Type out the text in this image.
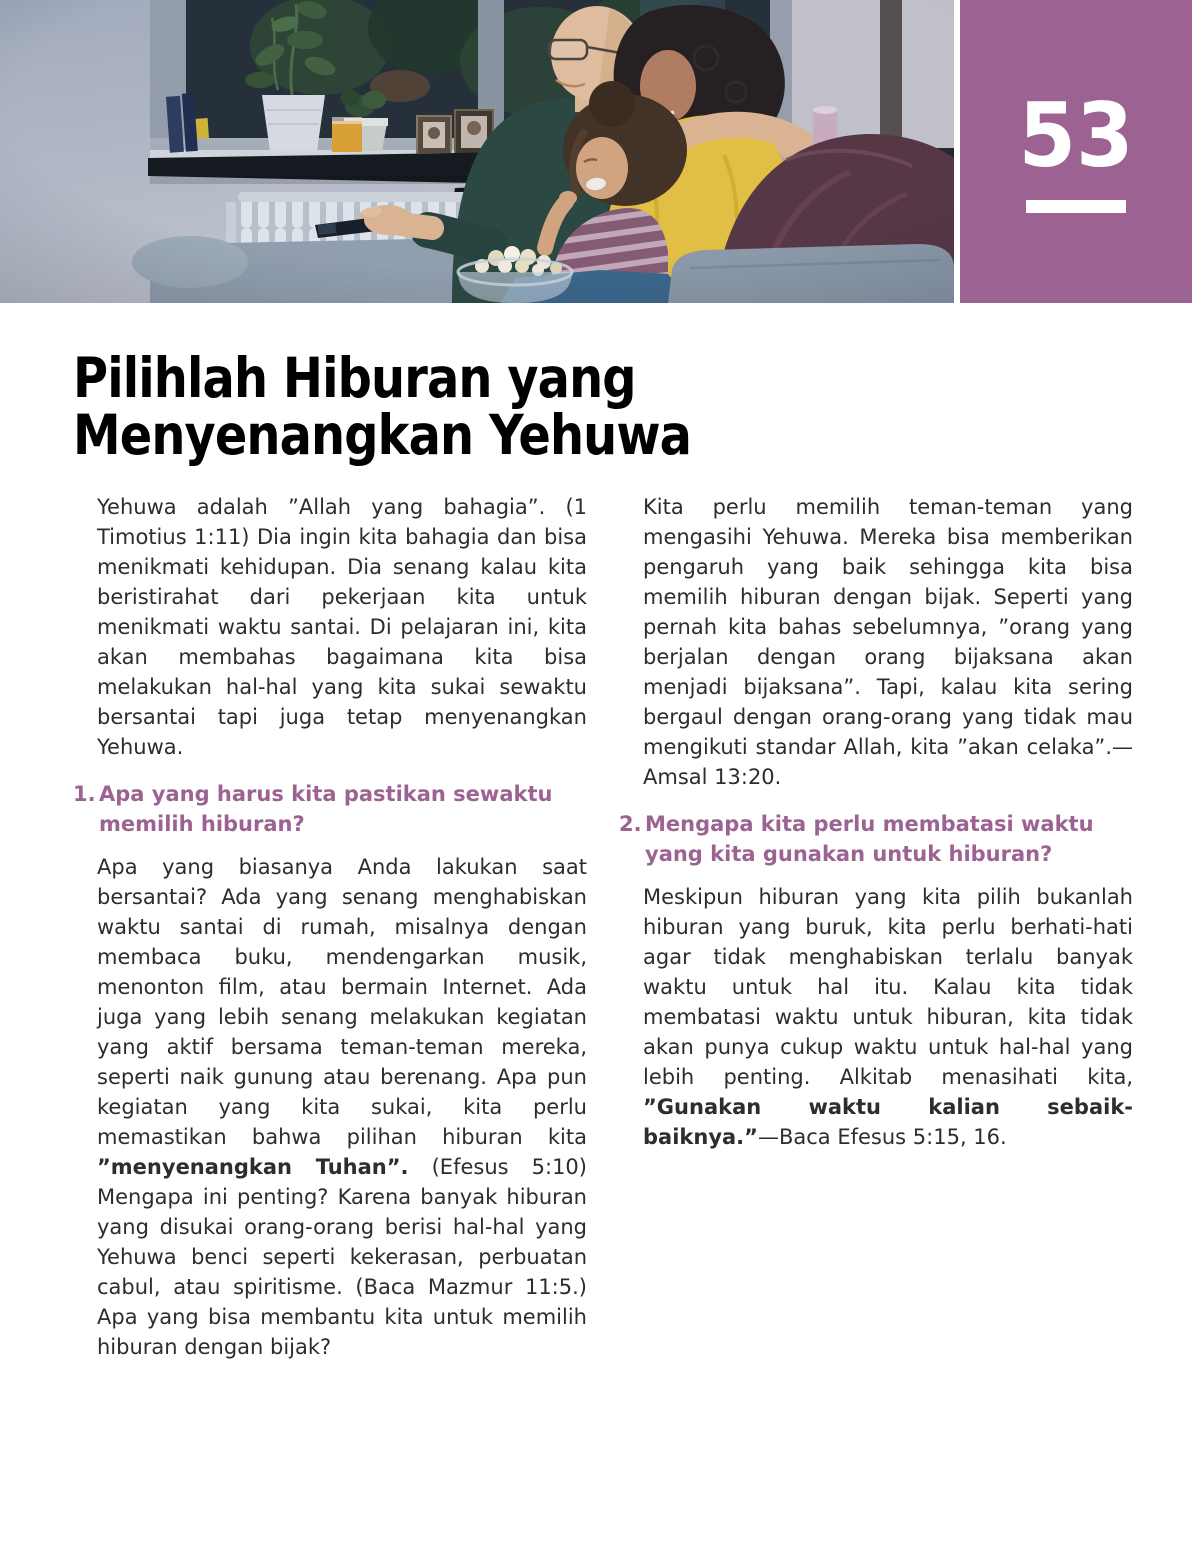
53
Pilihlah Hiburan yang
Menyenangkan Yehuwa

Yehuwa adalah ”Allah yang bahagia”. (1 Timotius 1:11) Dia ingin kita bahagia dan bisa menikmati kehidupan. Dia senang kalau kita beristirahat dari pekerjaan kita untuk menikmati waktu santai. Di pelajaran ini, kita akan membahas bagaimana kita bisa melakukan hal-hal yang kita sukai sewaktu bersantai tapi juga tetap menyenangkan Yehuwa.

1. Apa yang harus kita pastikan sewaktu memilih hiburan?

Apa yang biasanya Anda lakukan saat bersantai? Ada yang senang menghabiskan waktu santai di rumah, misalnya dengan membaca buku, mendengarkan musik, menonton film, atau bermain Internet. Ada juga yang lebih senang melakukan kegiatan yang aktif bersama teman-teman mereka, seperti naik gunung atau berenang. Apa pun kegiatan yang kita sukai, kita perlu memastikan bahwa pilihan hiburan kita ”menyenangkan Tuhan”. (Efesus 5:10) Mengapa ini penting? Karena banyak hiburan yang disukai orang-orang berisi hal-hal yang Yehuwa benci seperti kekerasan, perbuatan cabul, atau spiritisme. (Baca Mazmur 11:5.) Apa yang bisa membantu kita untuk memilih hiburan dengan bijak?

Kita perlu memilih teman-teman yang mengasihi Yehuwa. Mereka bisa memberikan pengaruh yang baik sehingga kita bisa memilih hiburan dengan bijak. Seperti yang pernah kita bahas sebelumnya, ”orang yang berjalan dengan orang bijaksana akan menjadi bijaksana”. Tapi, kalau kita sering bergaul dengan orang-orang yang tidak mau mengikuti standar Allah, kita ”akan celaka”.—Amsal 13:20.

2. Mengapa kita perlu membatasi waktu yang kita gunakan untuk hiburan?

Meskipun hiburan yang kita pilih bukanlah hiburan yang buruk, kita perlu berhati-hati agar tidak menghabiskan terlalu banyak waktu untuk hal itu. Kalau kita tidak membatasi waktu untuk hiburan, kita tidak akan punya cukup waktu untuk hal-hal yang lebih penting. Alkitab menasihati kita, ”Gunakan waktu kalian sebaik-baiknya.”—Baca Efesus 5:15, 16.
